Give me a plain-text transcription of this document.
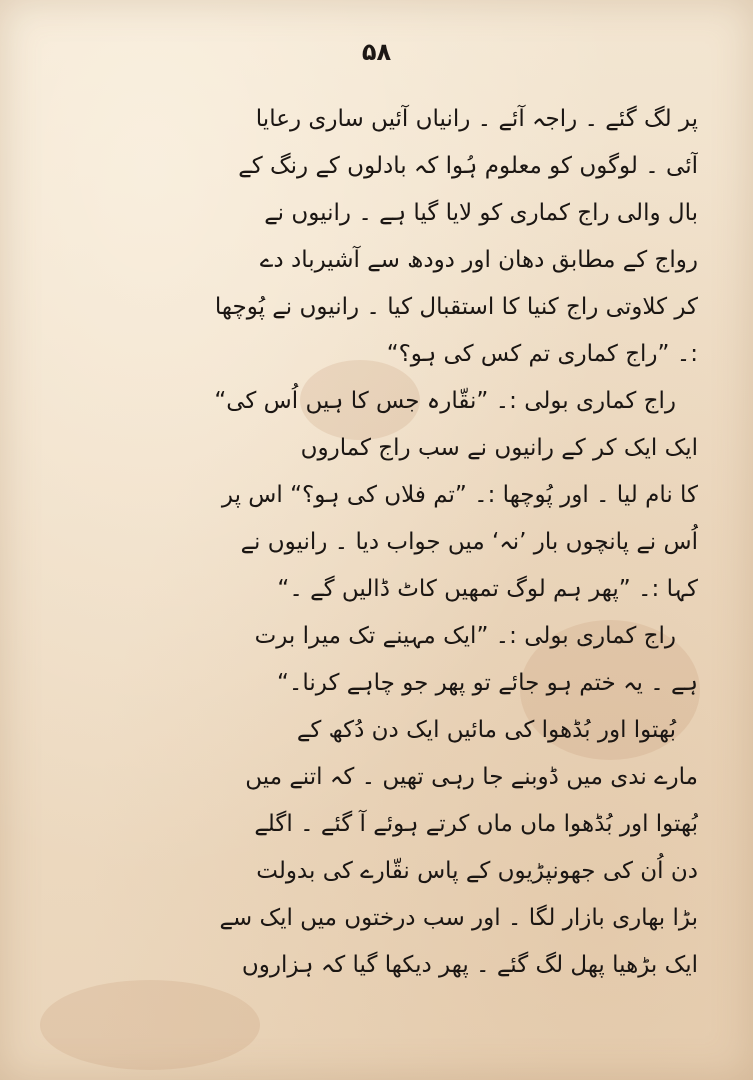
۵۸
پر لگ گئے ۔ راجہ آئے ۔ رانیاں آئیں ساری رعایا
آئی ۔ لوگوں کو معلوم ہُوا کہ بادلوں کے رنگ کے
بال والی راج کماری کو لایا گیا ہے ۔ رانیوں نے
رواج کے مطابق دھان اور دودھ سے آشیرباد دے
کر کلاوتی راج کنیا کا استقبال کیا ۔ رانیوں نے پُوچھا
:۔ ”راج کماری تم کس کی ہو؟“
راج کماری بولی :۔ ”نقّارہ جس کا ہیں اُس کی“
ایک ایک کر کے رانیوں نے سب راج کماروں
کا نام لیا ۔ اور پُوچھا :۔ ”تم فلاں کی ہو؟“ اس پر
اُس نے پانچوں بار ’نہ‘ میں جواب دیا ۔ رانیوں نے
کہا :۔ ”پھر ہم لوگ تمھیں کاٹ ڈالیں گے ۔“
راج کماری بولی :۔ ”ایک مہینے تک میرا برت
ہے ۔ یہ ختم ہو جائے تو پھر جو چاہے کرنا۔“
بُھتوا اور بُڈھوا کی مائیں ایک دن دُکھ کے
مارے ندی میں ڈوبنے جا رہی تھیں ۔ کہ اتنے میں
بُھتوا اور بُڈھوا ماں ماں کرتے ہوئے آ گئے ۔ اگلے
دن اُن کی جھونپڑیوں کے پاس نقّارے کی بدولت
بڑا بھاری بازار لگا ۔ اور سب درختوں میں ایک سے
ایک بڑھیا پھل لگ گئے ۔ پھر دیکھا گیا کہ ہزاروں
